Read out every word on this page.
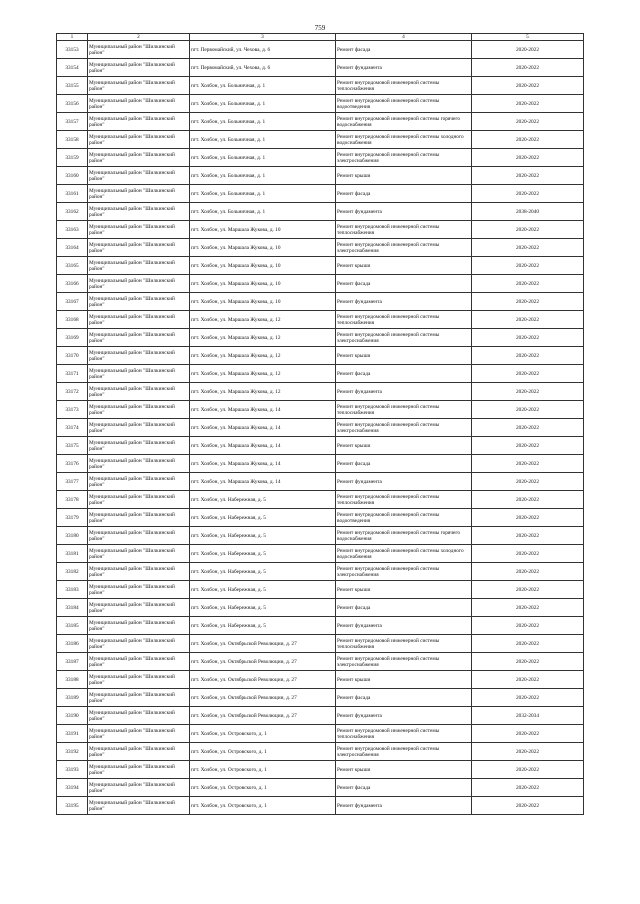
759
1	2	3	4	5
33153	Муниципальный район "Шилкинский район"	пгт. Первомайский, ул. Чехова, д. 6	Ремонт фасада	2020-2022
33154	Муниципальный район "Шилкинский район"	пгт. Первомайский, ул. Чехова, д. 6	Ремонт фундамента	2020-2022
33155	Муниципальный район "Шилкинский район"	пгт. Холбон, ул. Больничная, д. 1	Ремонт внутридомовой инженерной системы теплоснабжения	2020-2022
33156	Муниципальный район "Шилкинский район"	пгт. Холбон, ул. Больничная, д. 1	Ремонт внутридомовой инженерной системы водоотведения	2020-2022
33157	Муниципальный район "Шилкинский район"	пгт. Холбон, ул. Больничная, д. 1	Ремонт внутридомовой инженерной системы горячего водоснабжения	2020-2022
33158	Муниципальный район "Шилкинский район"	пгт. Холбон, ул. Больничная, д. 1	Ремонт внутридомовой инженерной системы холодного водоснабжения	2020-2022
33159	Муниципальный район "Шилкинский район"	пгт. Холбон, ул. Больничная, д. 1	Ремонт внутридомовой инженерной системы электроснабжения	2020-2022
33160	Муниципальный район "Шилкинский район"	пгт. Холбон, ул. Больничная, д. 1	Ремонт крыши	2020-2022
33161	Муниципальный район "Шилкинский район"	пгт. Холбон, ул. Больничная, д. 1	Ремонт фасада	2020-2022
33162	Муниципальный район "Шилкинский район"	пгт. Холбон, ул. Больничная, д. 1	Ремонт фундамента	2038-2040
33163	Муниципальный район "Шилкинский район"	пгт. Холбон, ул. Маршала Жукова, д. 10	Ремонт внутридомовой инженерной системы теплоснабжения	2020-2022
33164	Муниципальный район "Шилкинский район"	пгт. Холбон, ул. Маршала Жукова, д. 10	Ремонт внутридомовой инженерной системы электроснабжения	2020-2022
33165	Муниципальный район "Шилкинский район"	пгт. Холбон, ул. Маршала Жукова, д. 10	Ремонт крыши	2020-2022
33166	Муниципальный район "Шилкинский район"	пгт. Холбон, ул. Маршала Жукова, д. 10	Ремонт фасада	2020-2022
33167	Муниципальный район "Шилкинский район"	пгт. Холбон, ул. Маршала Жукова, д. 10	Ремонт фундамента	2020-2022
33168	Муниципальный район "Шилкинский район"	пгт. Холбон, ул. Маршала Жукова, д. 12	Ремонт внутридомовой инженерной системы теплоснабжения	2020-2022
33169	Муниципальный район "Шилкинский район"	пгт. Холбон, ул. Маршала Жукова, д. 12	Ремонт внутридомовой инженерной системы электроснабжения	2020-2022
33170	Муниципальный район "Шилкинский район"	пгт. Холбон, ул. Маршала Жукова, д. 12	Ремонт крыши	2020-2022
33171	Муниципальный район "Шилкинский район"	пгт. Холбон, ул. Маршала Жукова, д. 12	Ремонт фасада	2020-2022
33172	Муниципальный район "Шилкинский район"	пгт. Холбон, ул. Маршала Жукова, д. 12	Ремонт фундамента	2020-2022
33173	Муниципальный район "Шилкинский район"	пгт. Холбон, ул. Маршала Жукова, д. 14	Ремонт внутридомовой инженерной системы теплоснабжения	2020-2022
33174	Муниципальный район "Шилкинский район"	пгт. Холбон, ул. Маршала Жукова, д. 14	Ремонт внутридомовой инженерной системы электроснабжения	2020-2022
33175	Муниципальный район "Шилкинский район"	пгт. Холбон, ул. Маршала Жукова, д. 14	Ремонт крыши	2020-2022
33176	Муниципальный район "Шилкинский район"	пгт. Холбон, ул. Маршала Жукова, д. 14	Ремонт фасада	2020-2022
33177	Муниципальный район "Шилкинский район"	пгт. Холбон, ул. Маршала Жукова, д. 14	Ремонт фундамента	2020-2022
33178	Муниципальный район "Шилкинский район"	пгт. Холбон, ул. Набережная, д. 5	Ремонт внутридомовой инженерной системы теплоснабжения	2020-2022
33179	Муниципальный район "Шилкинский район"	пгт. Холбон, ул. Набережная, д. 5	Ремонт внутридомовой инженерной системы водоотведения	2020-2022
33180	Муниципальный район "Шилкинский район"	пгт. Холбон, ул. Набережная, д. 5	Ремонт внутридомовой инженерной системы горячего водоснабжения	2020-2022
33181	Муниципальный район "Шилкинский район"	пгт. Холбон, ул. Набережная, д. 5	Ремонт внутридомовой инженерной системы холодного водоснабжения	2020-2022
33182	Муниципальный район "Шилкинский район"	пгт. Холбон, ул. Набережная, д. 5	Ремонт внутридомовой инженерной системы электроснабжения	2020-2022
33183	Муниципальный район "Шилкинский район"	пгт. Холбон, ул. Набережная, д. 5	Ремонт крыши	2020-2022
33184	Муниципальный район "Шилкинский район"	пгт. Холбон, ул. Набережная, д. 5	Ремонт фасада	2020-2022
33185	Муниципальный район "Шилкинский район"	пгт. Холбон, ул. Набережная, д. 5	Ремонт фундамента	2020-2022
33186	Муниципальный район "Шилкинский район"	пгт. Холбон, ул. Октябрьской Революции, д. 27	Ремонт внутридомовой инженерной системы теплоснабжения	2020-2022
33187	Муниципальный район "Шилкинский район"	пгт. Холбон, ул. Октябрьской Революции, д. 27	Ремонт внутридомовой инженерной системы электроснабжения	2020-2022
33188	Муниципальный район "Шилкинский район"	пгт. Холбон, ул. Октябрьской Революции, д. 27	Ремонт крыши	2020-2022
33189	Муниципальный район "Шилкинский район"	пгт. Холбон, ул. Октябрьской Революции, д. 27	Ремонт фасада	2020-2022
33190	Муниципальный район "Шилкинский район"	пгт. Холбон, ул. Октябрьской Революции, д. 27	Ремонт фундамента	2032-2034
33191	Муниципальный район "Шилкинский район"	пгт. Холбон, ул. Островского, д. 1	Ремонт внутридомовой инженерной системы теплоснабжения	2020-2022
33192	Муниципальный район "Шилкинский район"	пгт. Холбон, ул. Островского, д. 1	Ремонт внутридомовой инженерной системы электроснабжения	2020-2022
33193	Муниципальный район "Шилкинский район"	пгт. Холбон, ул. Островского, д. 1	Ремонт крыши	2020-2022
33194	Муниципальный район "Шилкинский район"	пгт. Холбон, ул. Островского, д. 1	Ремонт фасада	2020-2022
33195	Муниципальный район "Шилкинский район"	пгт. Холбон, ул. Островского, д. 1	Ремонт фундамента	2020-2022
